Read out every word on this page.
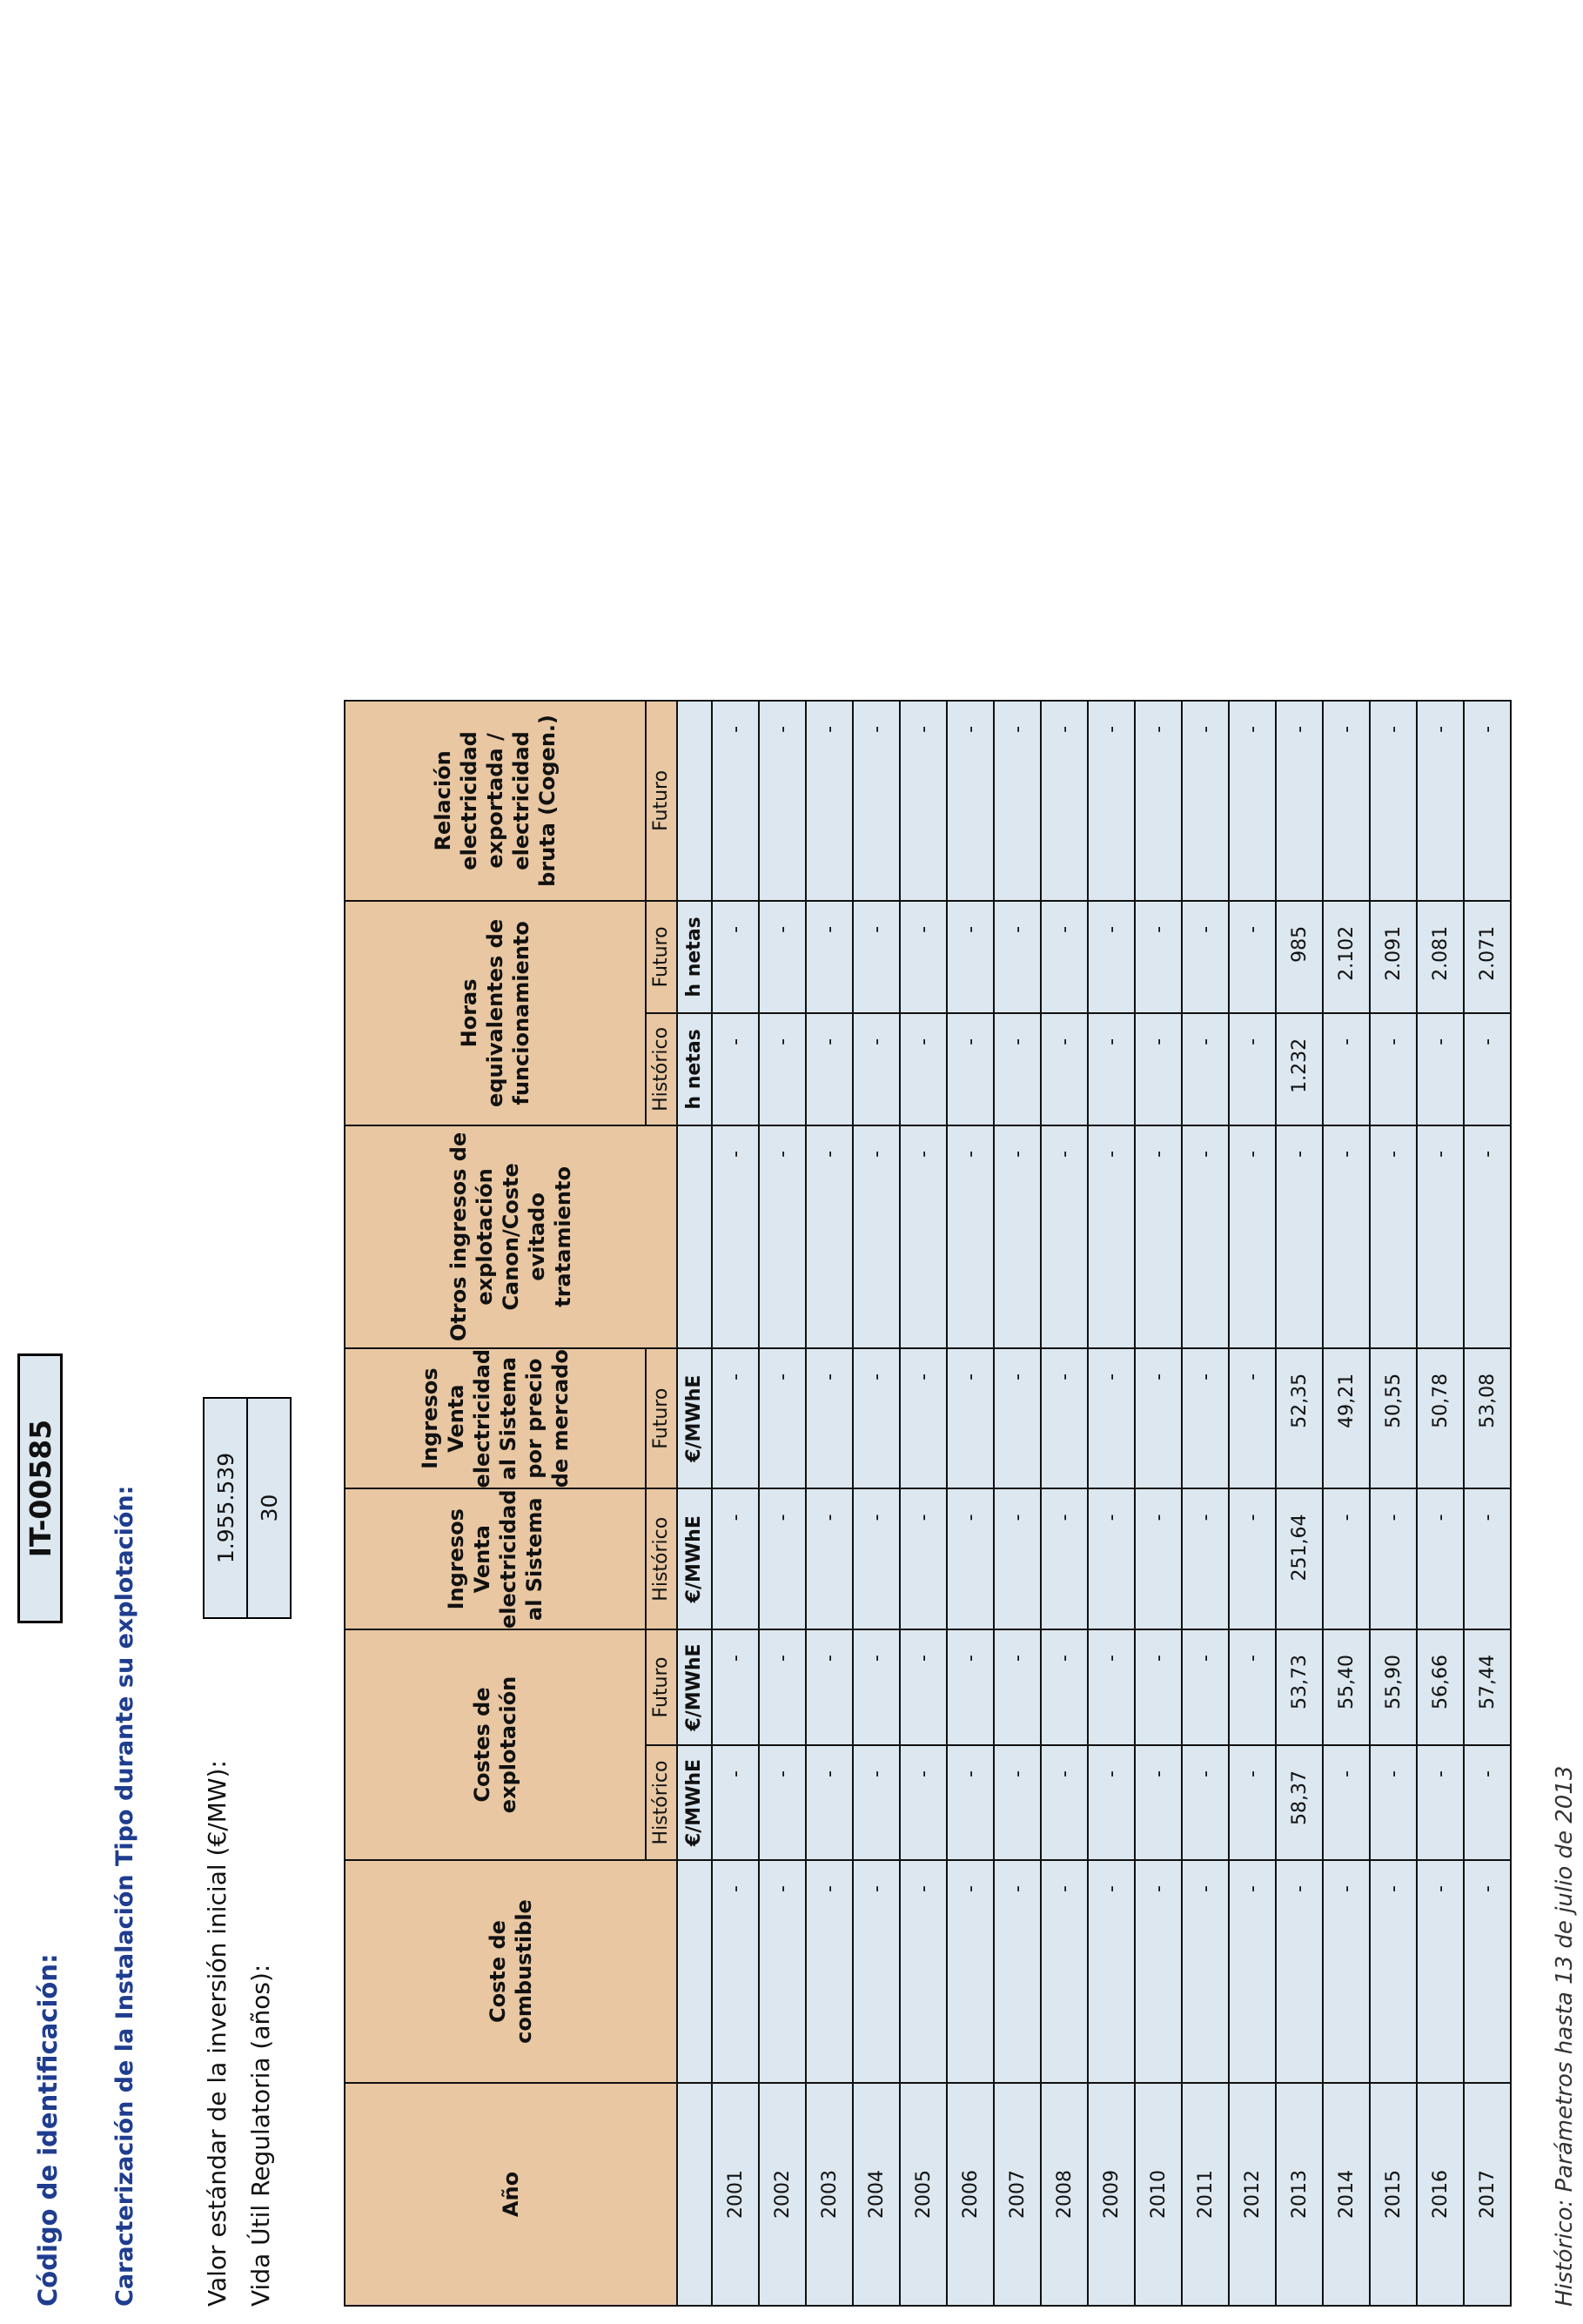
Código de identificación:
IT-00585 Caracterización de la Instalación Tipo durante su explotación:	Valor estándar de la inversión inicial (€/MW):
1.955.539
Vida Útil Regulatoria (años):
30
Año	Coste de combustible	Costes de explotación		Ingresos Venta electricidad al Sistema	Ingresos Venta electricidad al Sistema por precio de mercado	Otros ingresos de explotación Canon/Coste evitado tratamiento	Horas equivalentes de funcionamiento		Relación electricidad exportada / electricidad bruta (Cogen.)
		Histórico	Futuro	Histórico	Futuro		Histórico	Futuro	Futuro
		€/MWhE	€/MWhE	€/MWhE	€/MWhE		h netas	h netas	
2001	-	-	-	-	-	-	-	-	-
2002	-	-	-	-	-	-	-	-	-
2003	-	-	-	-	-	-	-	-	-
2004	-	-	-	-	-	-	-	-	-
2005	-	-	-	-	-	-	-	-	-
2006	-	-	-	-	-	-	-	-	-
2007	-	-	-	-	-	-	-	-	-
2008	-	-	-	-	-	-	-	-	-
2009	-	-	-	-	-	-	-	-	-
2010	-	-	-	-	-	-	-	-	-
2011	-	-	-	-	-	-	-	-	-
2012	-	-	-	-	-	-	-	-	-
2013	-	58,37	53,73	251,64	52,35	-	1.232	985	-
2014	-	-	55,40	-	49,21	-	-	2.102	-
2015	-	-	55,90	-	50,55	-	-	2.091	-
2016	-	-	56,66	-	50,78	-	-	2.081	-
2017	-	-	57,44	-	53,08	-	-	2.071	-
Histórico: Parámetros hasta 13 de julio de 2013
